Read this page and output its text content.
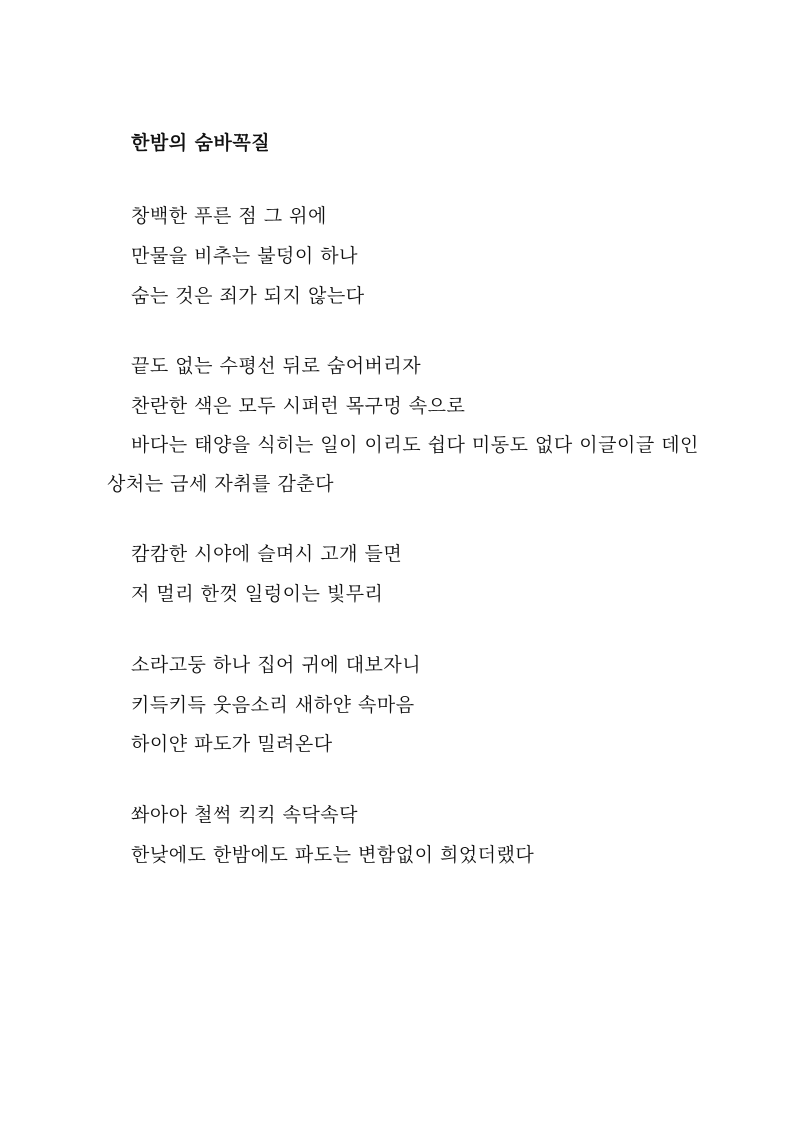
한밤의 숨바꼭질
창백한 푸른 점 그 위에
만물을 비추는 불덩이 하나
숨는 것은 죄가 되지 않는다
끝도 없는 수평선 뒤로 숨어버리자
찬란한 색은 모두 시퍼런 목구멍 속으로
바다는 태양을 식히는 일이 이리도 쉽다 미동도 없다 이글이글 데인
상처는 금세 자취를 감춘다
캄캄한 시야에 슬며시 고개 들면
저 멀리 한껏 일렁이는 빛무리
소라고둥 하나 집어 귀에 대보자니
키득키득 웃음소리 새하얀 속마음
하이얀 파도가 밀려온다
쏴아아 철썩 킥킥 속닥속닥
한낮에도 한밤에도 파도는 변함없이 희었더랬다
